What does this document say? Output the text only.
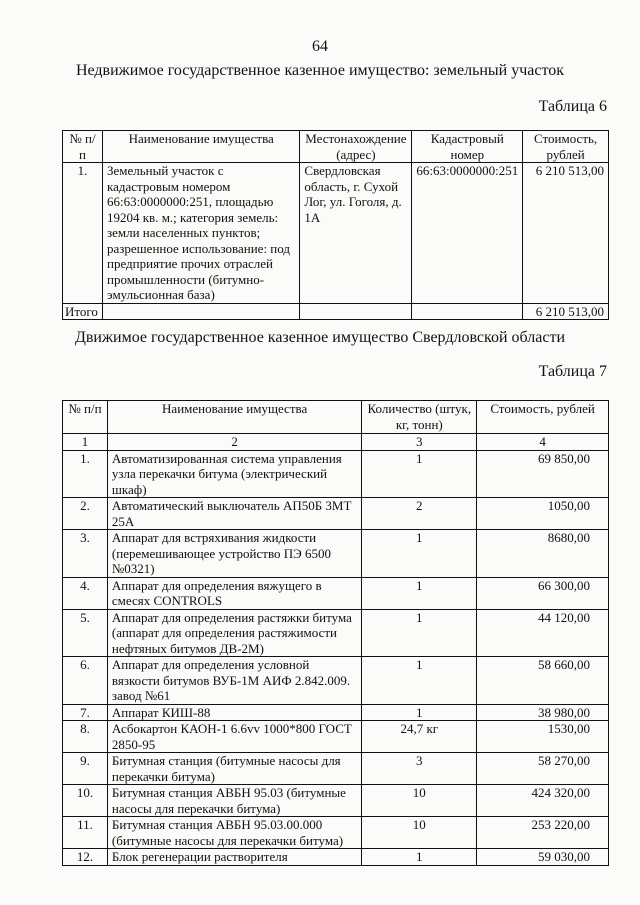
64
Недвижимое государственное казенное имущество: земельный участок
Таблица 6
№ п/п	Наименование имущества	Местонахождение (адрес)	Кадастровый номер	Стоимость, рублей
1.	Земельный участок с кадастровым номером 66:63:0000000:251, площадью 19204 кв. м.; категория земель: земли населенных пунктов; разрешенное использование: под предприятие прочих отраслей промышленности (битумно-эмульсионная база)	Свердловская область, г. Сухой Лог, ул. Гоголя, д. 1А	66:63:0000000:251	6 210 513,00
Итого				6 210 513,00
Движимое государственное казенное имущество Свердловской области
Таблица 7
№ п/п	Наименование имущества	Количество (штук, кг, тонн)	Стоимость, рублей
1	2	3	4
1.	Автоматизированная система управления узла перекачки битума (электрический шкаф)	1	69 850,00
2.	Автоматический выключатель АП50Б 3МТ 25А	2	1050,00
3.	Аппарат для встряхивания жидкости (перемешивающее устройство ПЭ 6500 №0321)	1	8680,00
4.	Аппарат для определения вяжущего в смесях CONTROLS	1	66 300,00
5.	Аппарат для определения растяжки битума (аппарат для определения растяжимости нефтяных битумов ДВ-2М)	1	44 120,00
6.	Аппарат для определения условной вязкости битумов ВУБ-1М АИФ 2.842.009. завод №61	1	58 660,00
7.	Аппарат КИШ-88	1	38 980,00
8.	Асбокартон КАОН-1 6.6vv 1000*800 ГОСТ 2850-95	24,7 кг	1530,00
9.	Битумная станция (битумные насосы для перекачки битума)	3	58 270,00
10.	Битумная станция АВБН 95.03 (битумные насосы для перекачки битума)	10	424 320,00
11.	Битумная станция АВБН 95.03.00.000 (битумные насосы для перекачки битума)	10	253 220,00
12.	Блок регенерации растворителя	1	59 030,00
